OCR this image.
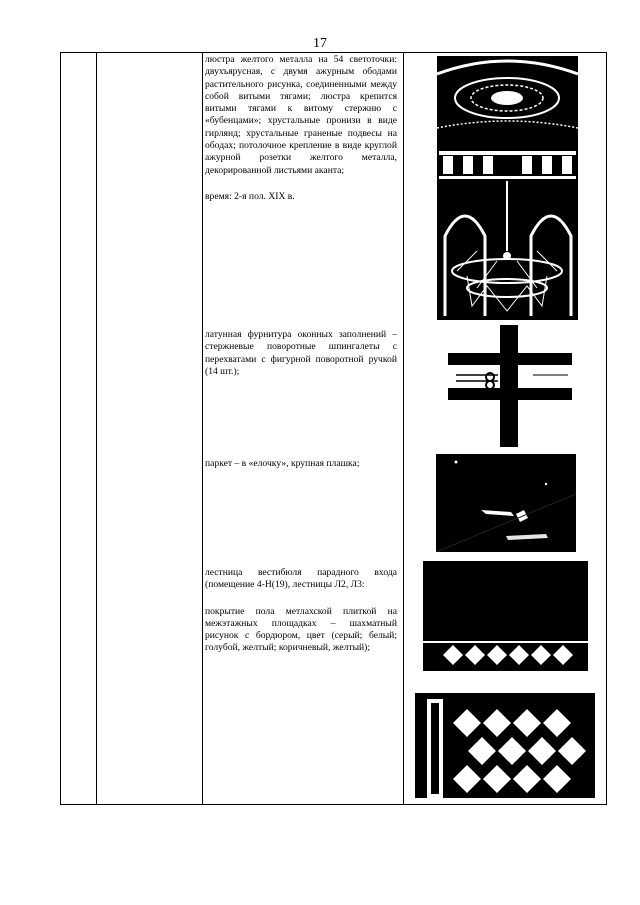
17

люстра желтого металла на 54 светоточки: двухъярусная, с двумя ажурным ободами растительного рисунка, соединенными между собой витыми тягами; люстра крепится витыми тягами к витому стержню с «бубенцами»; хрустальные пронизи в виде гирлянд; хрустальные граненые подвесы на ободах; потолочное крепление в виде круглой ажурной розетки желтого металла, декорированной листьями аканта;

время: 2-я пол. XIX в.

латунная фурнитура оконных заполнений – стержневые поворотные шпингалеты с перехватами с фигурной поворотной ручкой (14 шт.);

паркет – в «елочку», крупная плашка;

лестница вестибюля парадного входа (помещение 4-Н(19), лестницы Л2, Л3:

покрытие пола метлахской плиткой на межэтажных площадках – шахматный рисунок с бордюром, цвет (серый; белый; голубой, желтый; коричневый, желтый);
